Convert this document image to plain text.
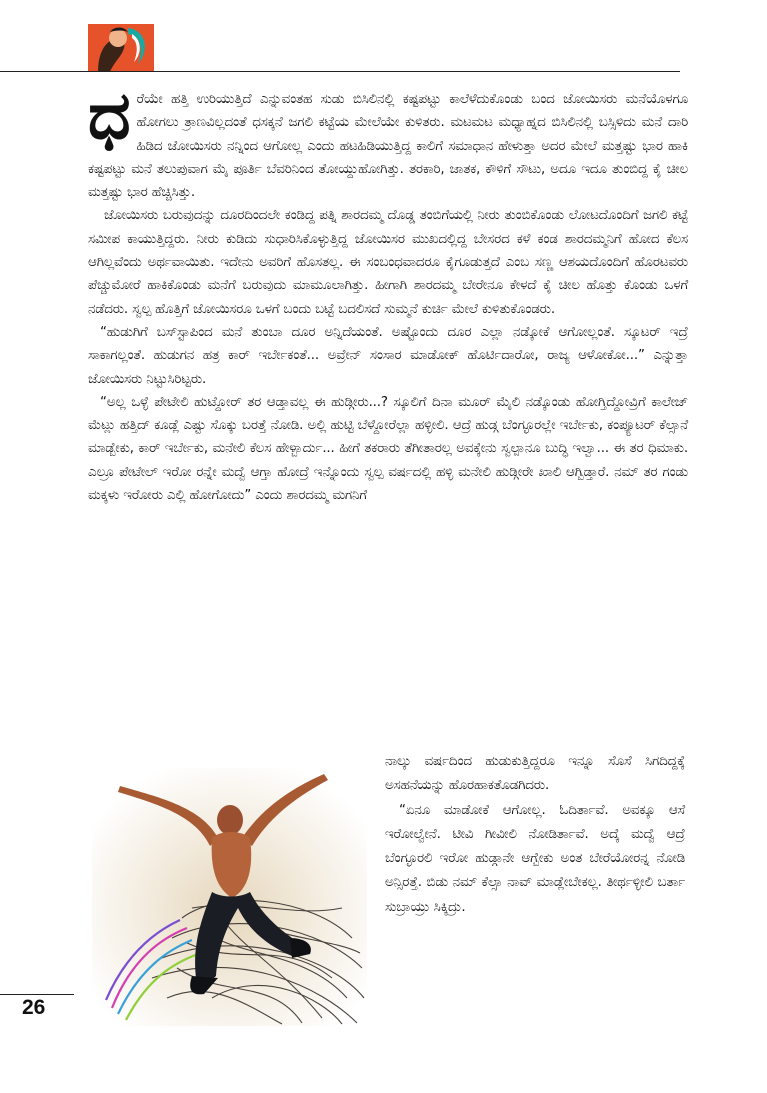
ಧ ರೆಯೇ ಹತ್ತಿ ಉರಿಯುತ್ತಿದೆ ಎನ್ನುವಂತಹ ಸುಡು ಬಿಸಿಲಿನಲ್ಲಿ ಕಷ್ಟಪಟ್ಟು ಕಾಲೆಳೆದುಕೊಂಡು ಬಂದ ಜೋಯಿಸರು ಮನೆಯೊಳಗೂ ಹೋಗಲು ತ್ರಾಣವಿಲ್ಲದಂತೆ ಧಸಕ್ಕನೆ ಜಗಲಿ ಕಟ್ಟೆಯ ಮೇಲೆಯೇ ಕುಳಿತರು. ಮಟಮಟ ಮಧ್ಯಾಹ್ನದ ಬಿಸಿಲಿನಲ್ಲಿ ಬಸ್ಸಿಳಿದು ಮನೆ ದಾರಿ ಹಿಡಿದ ಜೋಯಿಸರು ನನ್ನಿಂದ ಆಗೋಲ್ಲ ಎಂದು ಹಟಹಿಡಿಯುತ್ತಿದ್ದ ಕಾಲಿಗೆ ಸಮಾಧಾನ ಹೇಳುತ್ತಾ ಅದರ ಮೇಲೆ ಮತ್ತಷ್ಟು ಭಾರ ಹಾಕಿ ಕಷ್ಟಪಟ್ಟು ಮನೆ ತಲುಪುವಾಗ ಮೈ ಪೂರ್ತಿ ಬೆವರಿನಿಂದ ತೋಯ್ದುಹೋಗಿತ್ತು. ತರಕಾರಿ, ಜಾತಕ, ಕೌಳಿಗೆ ಸೌಟು, ಅದೂ ಇದೂ ತುಂಬಿದ್ದ ಕೈ ಚೀಲ ಮತ್ತಷ್ಟು ಭಾರ ಹೆಚ್ಚಿಸಿತ್ತು.

ಜೋಯಿಸರು ಬರುವುದನ್ನು ದೂರದಿಂದಲೇ ಕಂಡಿದ್ದ ಪತ್ನಿ ಶಾರದಮ್ಮ ದೊಡ್ಡ ತಂಬಿಗೆಯಲ್ಲಿ ನೀರು ತುಂಬಿಕೊಂಡು ಲೋಟದೊಂದಿಗೆ ಜಗಲಿ ಕಟ್ಟೆ ಸಮೀಪ ಕಾಯುತ್ತಿದ್ದರು. ನೀರು ಕುಡಿದು ಸುಧಾರಿಸಿಕೊಳ್ಳುತ್ತಿದ್ದ ಜೋಯಿಸರ ಮುಖದಲ್ಲಿದ್ದ ಬೇಸರದ ಕಳೆ ಕಂಡ ಶಾರದಮ್ಮನಿಗೆ ಹೋದ ಕೆಲಸ ಆಗಿಲ್ಲವೆಂದು ಅರ್ಥವಾಯಿತು. ಇದೇನು ಅವರಿಗೆ ಹೊಸತಲ್ಲ. ಈ ಸಂಬಂಧವಾದರೂ ಕೈಗೂಡುತ್ತದೆ ಎಂಬ ಸಣ್ಣ ಆಶಯದೊಂದಿಗೆ ಹೊರಟವರು ಪೆಚ್ಚುಮೋರೆ ಹಾಕಿಕೊಂಡು ಮನೆಗೆ ಬರುವುದು ಮಾಮೂಲಾಗಿತ್ತು. ಹೀಗಾಗಿ ಶಾರದಮ್ಮ ಬೇರೇನೂ ಕೇಳದೆ ಕೈ ಚೀಲ ಹೊತ್ತು ಕೊಂಡು ಒಳಗೆ ನಡೆದರು. ಸ್ವಲ್ಪ ಹೊತ್ತಿಗೆ ಜೋಯಿಸರೂ ಒಳಗೆ ಬಂದು ಬಟ್ಟೆ ಬದಲಿಸದೆ ಸುಮ್ಮನೆ ಕುರ್ಚಿ ಮೇಲೆ ಕುಳಿತುಕೊಂಡರು.

“ಹುಡುಗಿಗೆ ಬಸ್‌ಸ್ಟಾಪಿಂದ ಮನೆ ತುಂಬಾ ದೂರ ಅನ್ನಿದೆಯಂತೆ. ಅಷ್ಟೊಂದು ದೂರ ಎಲ್ಲಾ ನಡ್ಕೋಕೆ ಆಗೋಲ್ಲಂತೆ. ಸ್ಕೂಟರ್ ಇದ್ರೆ ಸಾಕಾಗಲ್ಲಂತೆ. ಹುಡುಗನ ಹತ್ರ ಕಾರ್ ಇರ್ಬೇಕಂತೆ... ಅವ್ರೇನ್ ಸಂಸಾರ ಮಾಡೋಕ್ ಹೊರ್ಟಿದಾರೋ, ರಾಜ್ಯ ಆಳೋಕೋ...” ಎನ್ನುತ್ತಾ ಜೋಯಿಸರು ನಿಟ್ಟುಸಿರಿಟ್ಟರು.

“ಅಲ್ಲ ಒಳ್ಳೆ ಪೇಟೇಲಿ ಹುಟ್ದೋರ್ ತರ ಆಡ್ತಾವಲ್ಲ ಈ ಹುಡ್ಗೀರು...? ಸ್ಕೂಲಿಗೆ ದಿನಾ ಮೂರ್ ಮೈಲಿ ನಡ್ಕೊಂಡು ಹೋಗ್ತಿದ್ದೋವ್ರಿಗೆ ಕಾಲೇಜ್ ಮೆಟ್ಲು ಹತ್ತಿದ್ ಕೂಡ್ಲೆ ಎಷ್ಟು ಸೊಕ್ಕು ಬರತ್ತೆ ನೋಡಿ. ಅಲ್ಲಿ ಹುಟ್ಟಿ ಬೆಳ್ದೋರೆಲ್ಲಾ ಹಳ್ಳೀಲಿ. ಆದ್ರೆ ಹುಡ್ಗ ಬೆಂಗ್ಳೂರಲ್ಲೇ ಇರ್ಬೇಕು, ಕಂಪ್ಯೂಟರ್ ಕೆಲ್ಸಾನೆ ಮಾಡ್ಬೇಕು, ಕಾರ್ ಇರ್ಬೇಕು, ಮನೇಲಿ ಕೆಲಸ ಹೇಳ್ಬಾರ್ದು... ಹೀಗೆ ತಕರಾರು ತೆಗೀತಾರಲ್ಲ ಅವಕ್ಕೇನು ಸ್ವಲ್ಪಾನೂ ಬುದ್ಧಿ ಇಲ್ವಾ... ಈ ತರ ಧಿಮಾಕು. ಎಲ್ರೂ ಪೇಟೇಲ್ ಇರೋ ರನ್ನೇ ಮದ್ವೆ ಆಗ್ತಾ ಹೋದ್ರೆ ಇನ್ನೊಂದು ಸ್ವಲ್ಪ ವರ್ಷದಲ್ಲಿ ಹಳ್ಳಿ ಮನೇಲಿ ಹುಡ್ಗೀರೇ ಖಾಲಿ ಆಗ್ಬಿಡ್ತಾರೆ. ನಮ್ ತರ ಗಂಡು ಮಕ್ಕಳು ಇರೋರು ಎಲ್ಲಿ ಹೋಗೋದು” ಎಂದು ಶಾರದಮ್ಮ ಮಗನಿಗೆ

ನಾಲ್ಕು ವರ್ಷದಿಂದ ಹುಡುಕುತ್ತಿದ್ದರೂ ಇನ್ನೂ ಸೊಸೆ ಸಿಗದಿದ್ದಕ್ಕೆ ಅಸಹನೆಯನ್ನು ಹೊರಹಾಕತೊಡಗಿದರು.

“ಏನೂ ಮಾಡೋಕೆ ಆಗೋಲ್ಲ. ಓದಿರ್ತಾವೆ. ಅವಕ್ಕೂ ಆಸೆ ಇರೋಲ್ವೇನೆ. ಟೀವಿ ಗೀವೀಲಿ ನೋಡಿರ್ತಾವೆ. ಅದ್ಕೆ ಮದ್ವೆ ಆದ್ರೆ ಬೆಂಗ್ಳೂರಲಿ ಇರೋ ಹುಡ್ಗಾನೇ ಆಗ್ಬೇಕು ಅಂತ ಬೇರೆಯೋರನ್ನ ನೋಡಿ ಅನ್ಸಿರತ್ತೆ. ಬಿಡು ನಮ್ ಕೆಲ್ಸಾ ನಾವ್ ಮಾಡ್ಲೇಬೇಕಲ್ಲ. ತೀರ್ಥಳ್ಳೀಲಿ ಬರ್ತಾ ಸುಬ್ರಾಯ್ರು ಸಿಕ್ಕಿದ್ರು.

26
